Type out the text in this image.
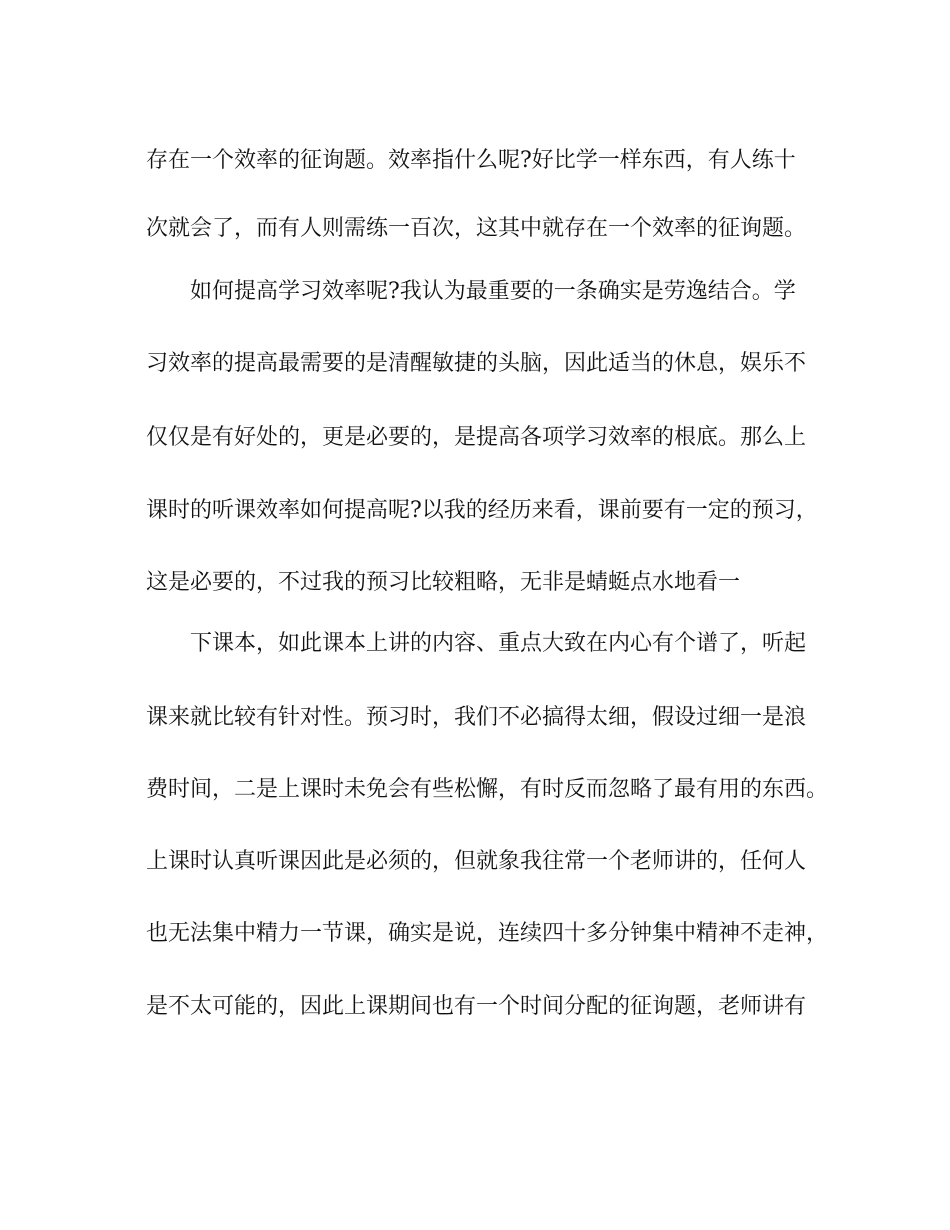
存在一个效率的征询题。效率指什么呢?好比学一样东西，有人练十
次就会了，而有人则需练一百次，这其中就存在一个效率的征询题。
如何提高学习效率呢?我认为最重要的一条确实是劳逸结合。学
习效率的提高最需要的是清醒敏捷的头脑，因此适当的休息，娱乐不
仅仅是有好处的，更是必要的，是提高各项学习效率的根底。那么上
课时的听课效率如何提高呢?以我的经历来看，课前要有一定的预习，
这是必要的，不过我的预习比较粗略，无非是蜻蜓点水地看一
下课本，如此课本上讲的内容、重点大致在内心有个谱了，听起
课来就比较有针对性。预习时，我们不必搞得太细，假设过细一是浪
费时间，二是上课时未免会有些松懈，有时反而忽略了最有用的东西。
上课时认真听课因此是必须的，但就象我往常一个老师讲的，任何人
也无法集中精力一节课，确实是说，连续四十多分钟集中精神不走神，
是不太可能的，因此上课期间也有一个时间分配的征询题，老师讲有
